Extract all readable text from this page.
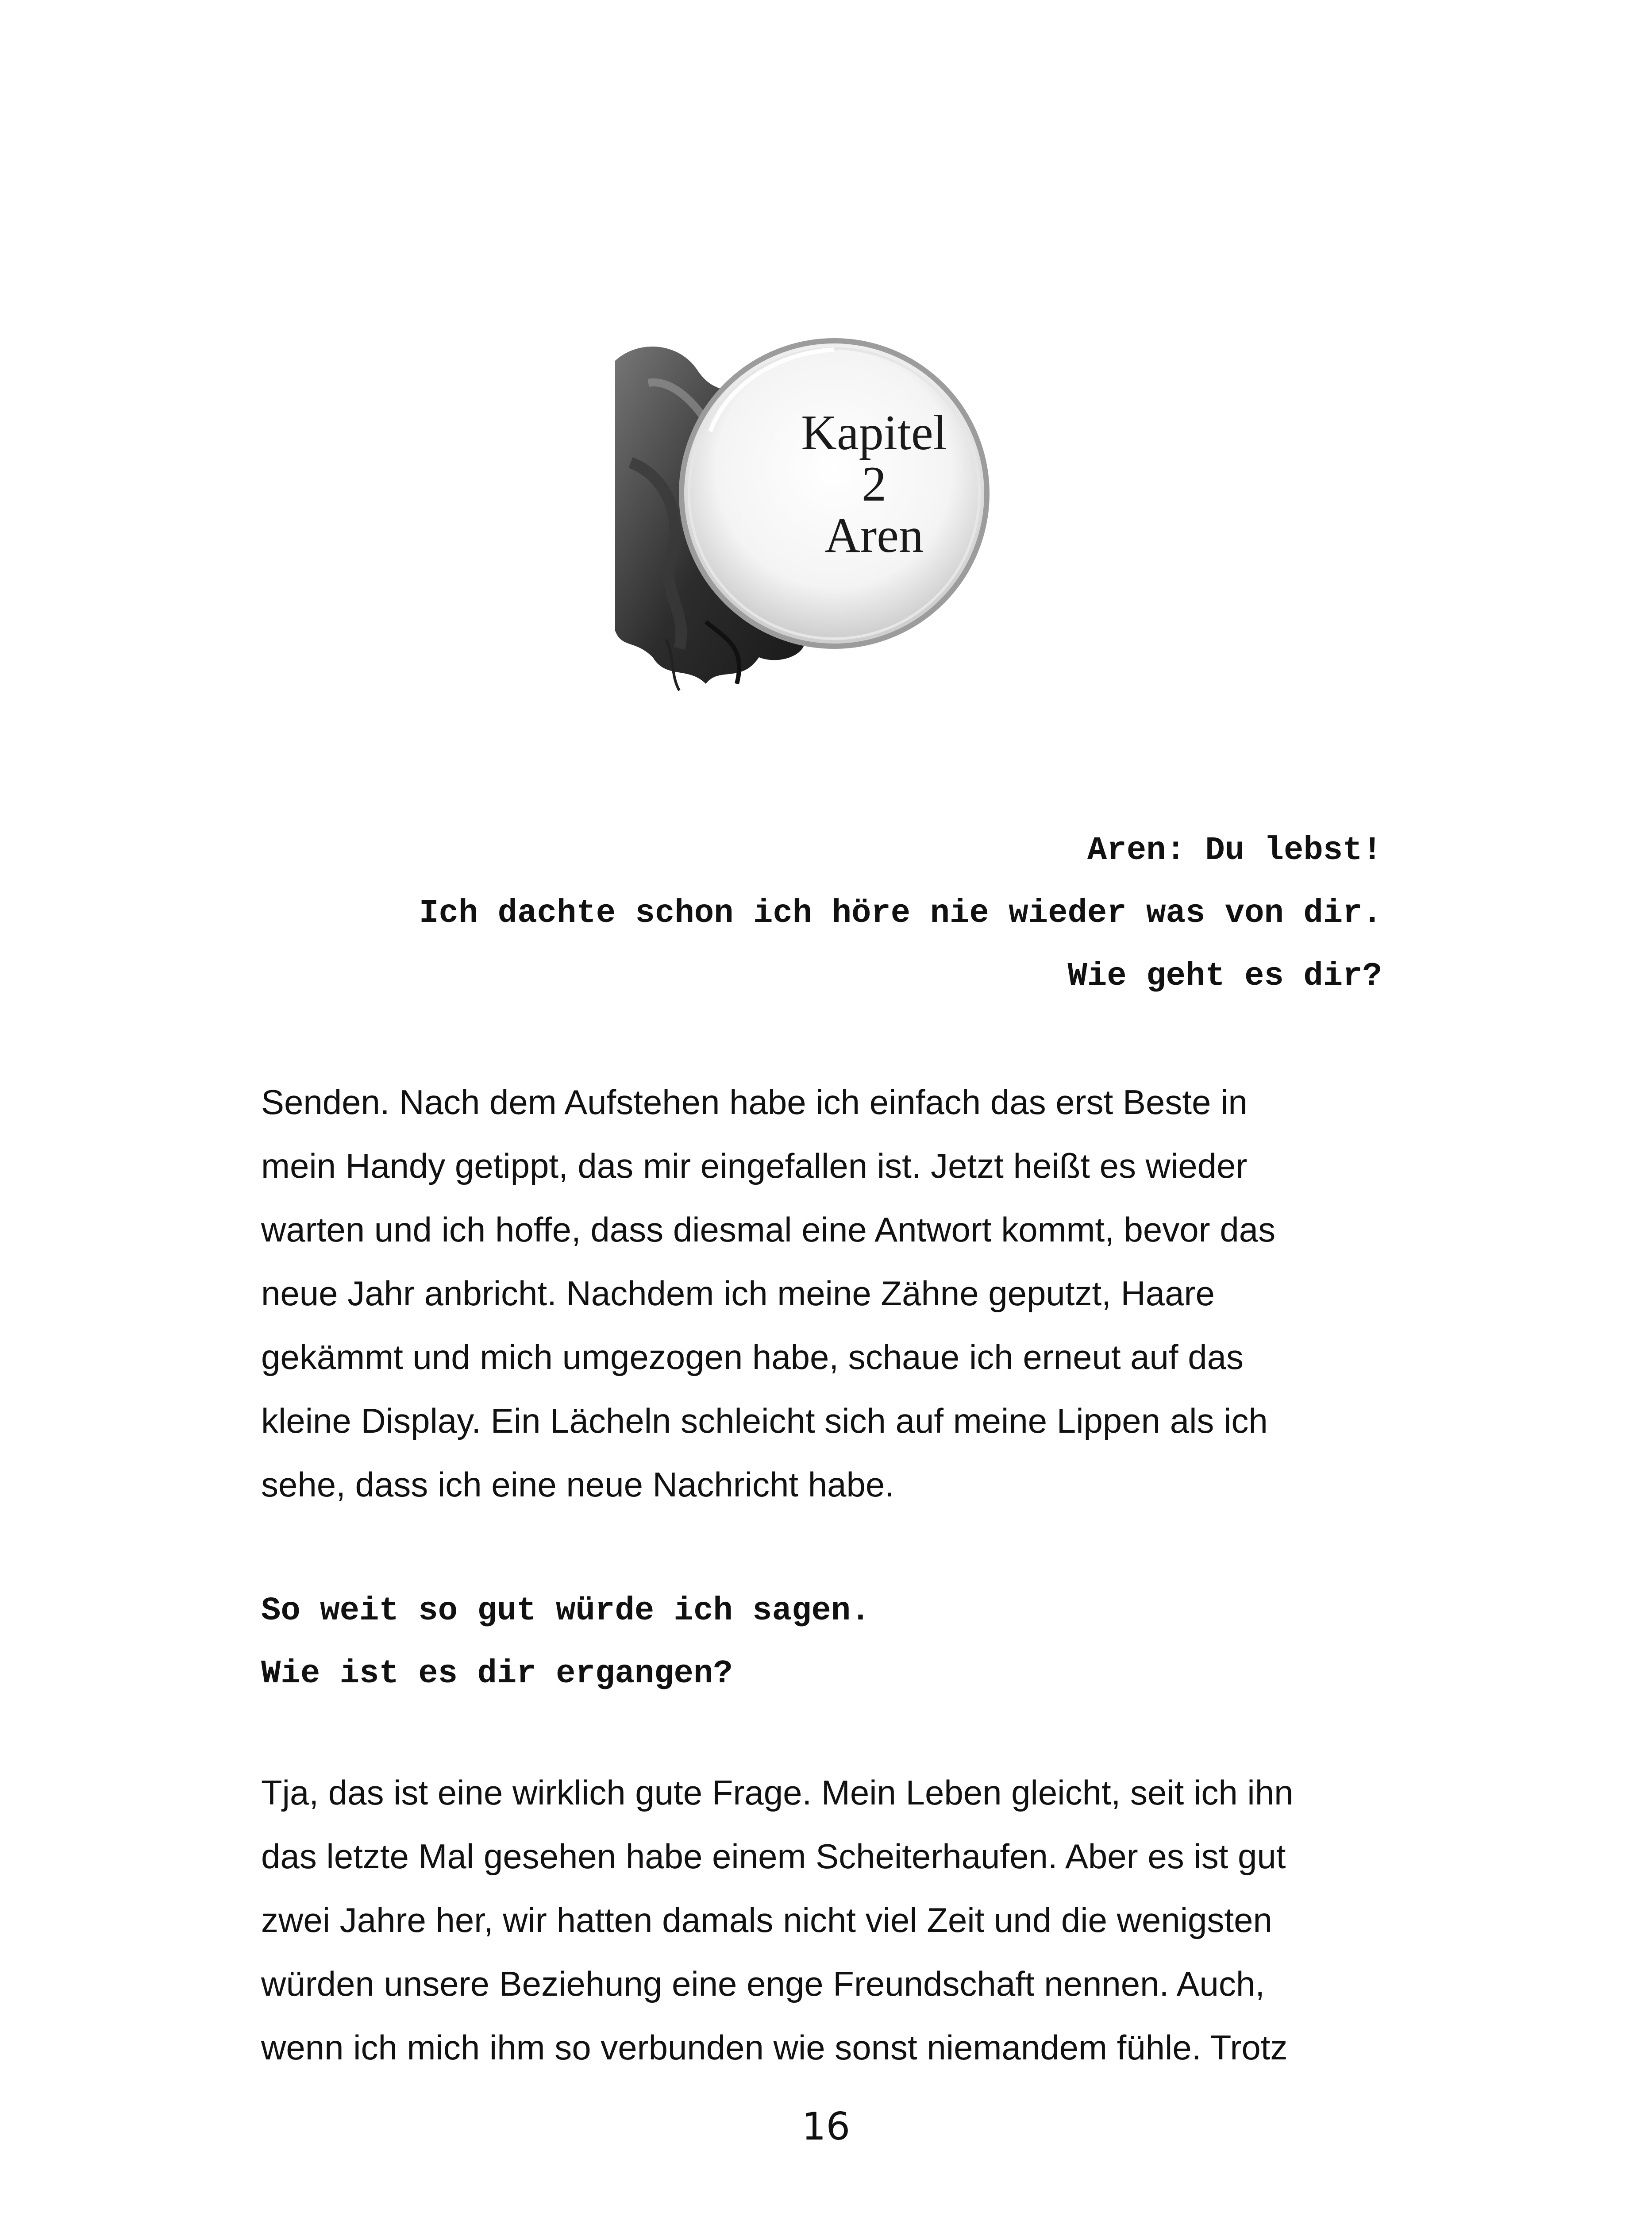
Kapitel
2
Aren
Aren: Du lebst!
Ich dachte schon ich höre nie wieder was von dir.
Wie geht es dir?
Senden. Nach dem Aufstehen habe ich einfach das erst Beste in
mein Handy getippt, das mir eingefallen ist. Jetzt heißt es wieder
warten und ich hoffe, dass diesmal eine Antwort kommt, bevor das
neue Jahr anbricht. Nachdem ich meine Zähne geputzt, Haare
gekämmt und mich umgezogen habe, schaue ich erneut auf das
kleine Display. Ein Lächeln schleicht sich auf meine Lippen als ich
sehe, dass ich eine neue Nachricht habe.
So weit so gut würde ich sagen.
Wie ist es dir ergangen?
Tja, das ist eine wirklich gute Frage. Mein Leben gleicht, seit ich ihn
das letzte Mal gesehen habe einem Scheiterhaufen. Aber es ist gut
zwei Jahre her, wir hatten damals nicht viel Zeit und die wenigsten
würden unsere Beziehung eine enge Freundschaft nennen. Auch,
wenn ich mich ihm so verbunden wie sonst niemandem fühle. Trotz
16
